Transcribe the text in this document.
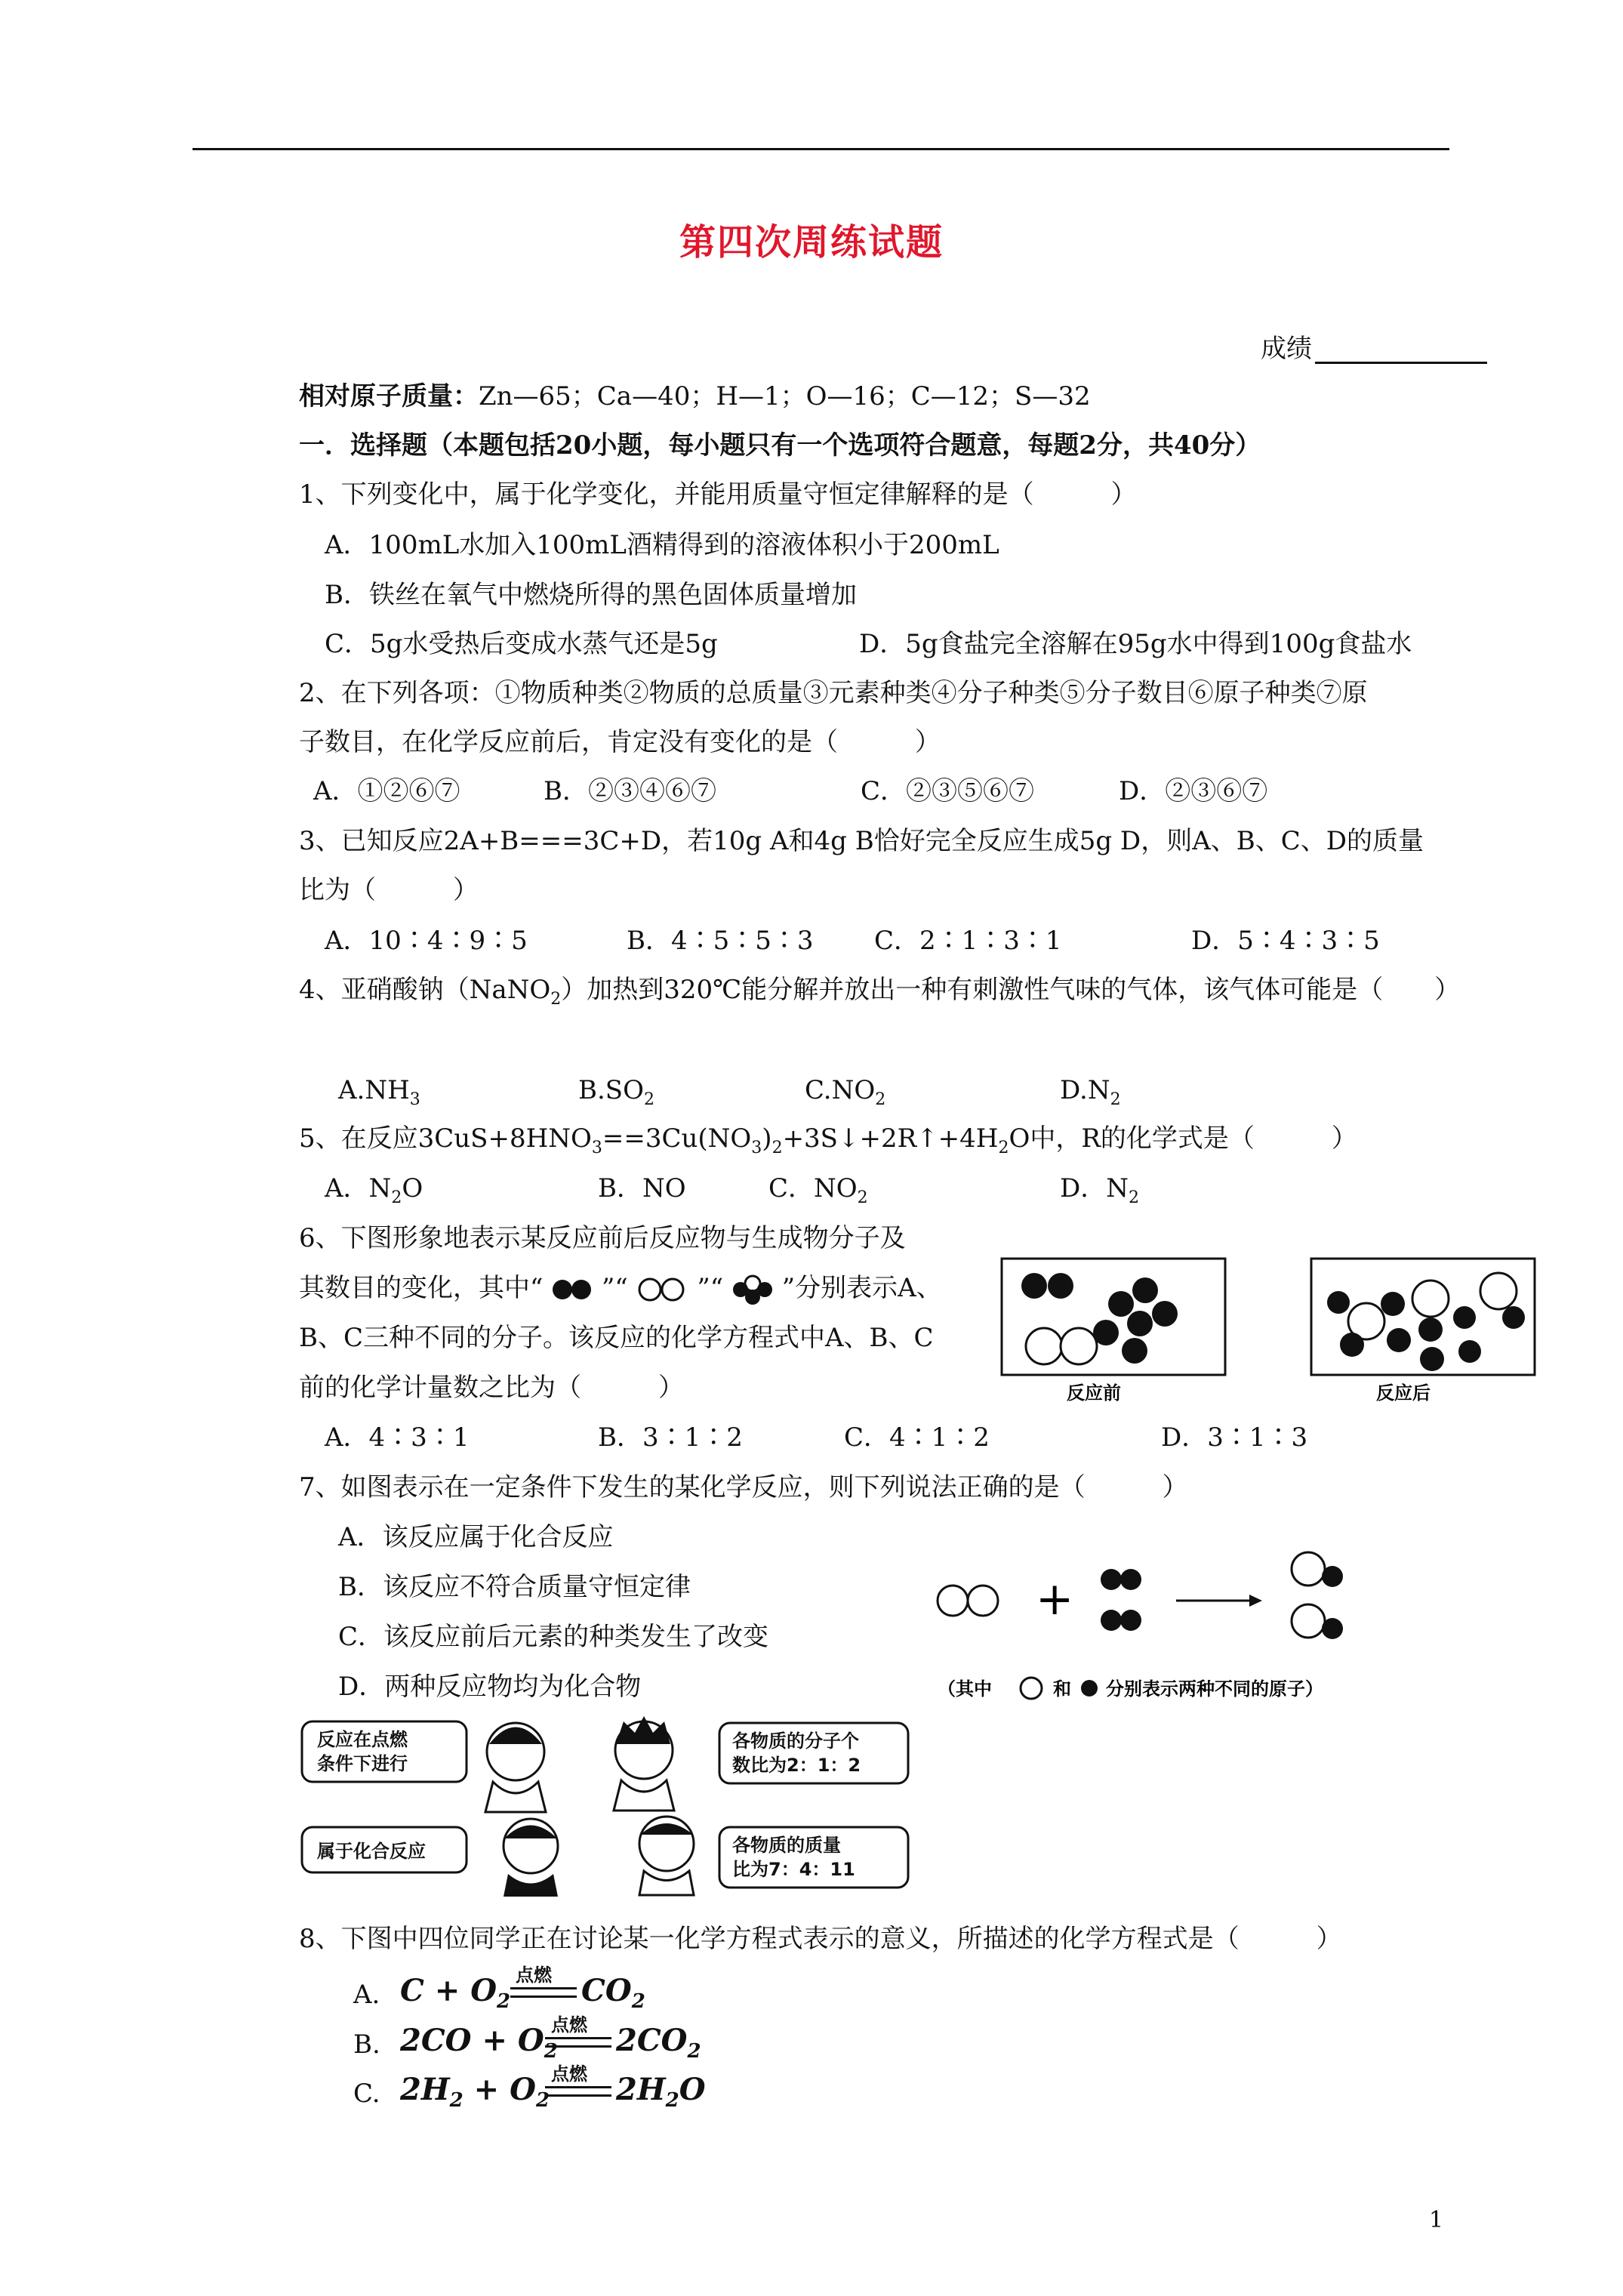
第四次周练试题
成绩
相对原子质量：Zn—65；Ca—40；H—1；O—16；C—12；S—32
一．选择题（本题包括20小题，每小题只有一个选项符合题意，每题2分，共40分）
1、下列变化中，属于化学变化，并能用质量守恒定律解释的是（　　　）
A．100mL水加入100mL酒精得到的溶液体积小于200mL
B．铁丝在氧气中燃烧所得的黑色固体质量增加
C．5g水受热后变成水蒸气还是5g	D．5g食盐完全溶解在95g水中得到100g食盐水
2、在下列各项：①物质种类②物质的总质量③元素种类④分子种类⑤分子数目⑥原子种类⑦原
子数目，在化学反应前后，肯定没有变化的是（　　　）
A．①②⑥⑦	B．②③④⑥⑦	C．②③⑤⑥⑦	D．②③⑥⑦
3、已知反应2A+B===3C+D，若10g A和4g B恰好完全反应生成5g D，则A、B、C、D的质量
比为（　　　）
A．10∶4∶9∶5	B．4∶5∶5∶3 C．2∶1∶3∶1	D．5∶4∶3∶5
4、亚硝酸钠（NaNO$_2$）加热到320℃能分解并放出一种有刺激性气味的气体，该气体可能是（　　）
$A.NH_3$	$B.SO_2$	$C.NO_2$	$D.N_2$
5、在反应$3CuS+8HNO_3==3Cu(NO_3)_2+3S↓+2R↑+4H_2O$中，R的化学式是（　　　）
A．$N_2O$	B．NO	C．$NO_2$	D．$N_2$
6、下图形象地表示某反应前后反应物与生成物分子及
其数目的变化，其中“ ”“	”“ ”分别表示A、
B、C三种不同的分子。该反应的化学方程式中A、B、C
前的化学计量数之比为（　　　）
A．4∶3∶1	B．3∶1∶2	C．4∶1∶2	D．3∶1∶3
反应前	反应后
7、如图表示在一定条件下发生的某化学反应，则下列说法正确的是（　　　）
A．该反应属于化合反应
B．该反应不符合质量守恒定律
C．该反应前后元素的种类发生了改变
D．两种反应物均为化合物
+
（其中	和 分别表示两种不同的原子）
反应在点燃
条件下进行
各物质的分子个
数比为2：1：2
属于化合反应	各物质的质量
比为7：4：11
8、下图中四位同学正在讨论某一化学方程式表示的意义，所描述的化学方程式是（　　　）
A. $C + O_2$
点燃 $CO_2$
B. $2CO + O_2$
点燃 $2CO_2$
C. $2H_2 + O_2$
点燃 $2H_2O$
1
